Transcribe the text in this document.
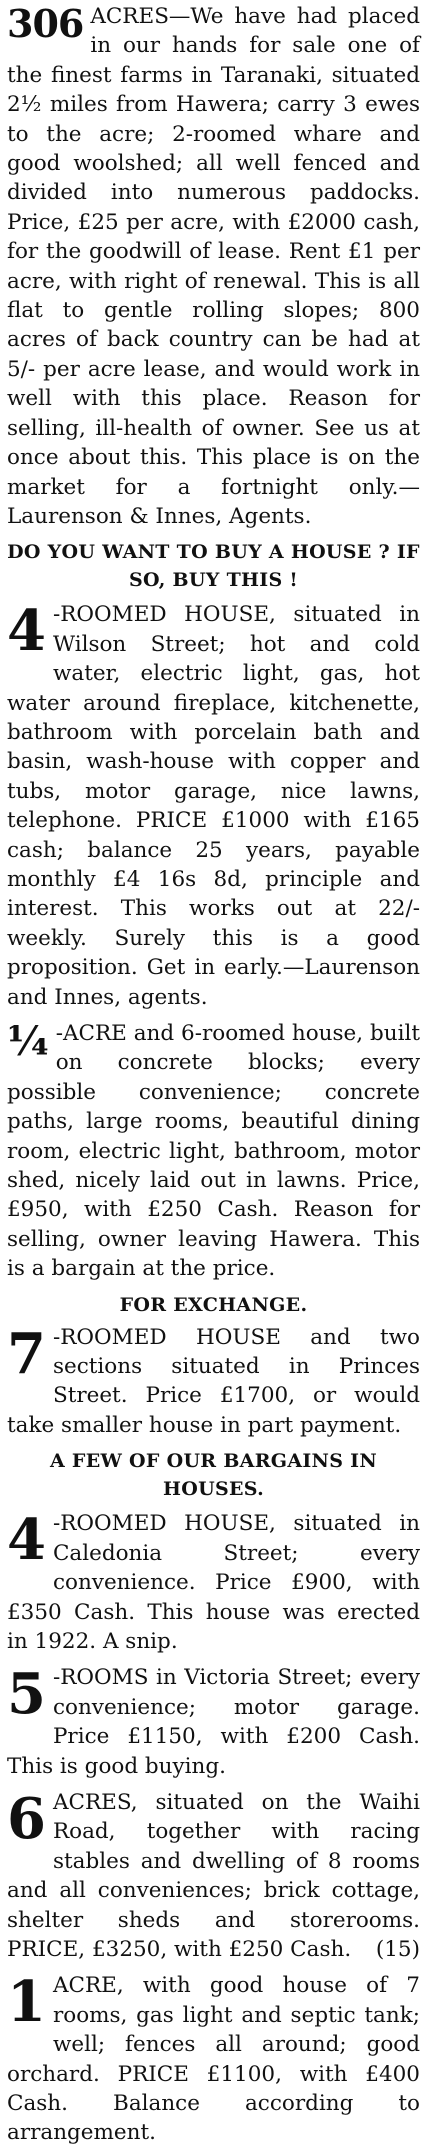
306 ACRES—We have had placed in our hands for sale one of the finest farms in Taranaki, situated 2½ miles from Hawera; carry 3 ewes to the acre; 2-roomed whare and good woolshed; all well fenced and divided into numerous paddocks. Price, £25 per acre, with £2000 cash, for the goodwill of lease. Rent £1 per acre, with right of renewal. This is all flat to gentle rolling slopes; 800 acres of back country can be had at 5/- per acre lease, and would work in well with this place. Reason for selling, ill-health of owner. See us at once about this. This place is on the market for a fortnight only.—Laurenson & Innes, Agents.
DO YOU WANT TO BUY A HOUSE ? IF SO, BUY THIS !
4 -ROOMED HOUSE, situated in Wilson Street; hot and cold water, electric light, gas, hot water around fireplace, kitchenette, bathroom with porcelain bath and basin, wash-house with copper and tubs, motor garage, nice lawns, telephone. PRICE £1000 with £165 cash; balance 25 years, payable monthly £4 16s 8d, principle and interest. This works out at 22/- weekly. Surely this is a good proposition. Get in early.—Laurenson and Innes, agents.
¼ -ACRE and 6-roomed house, built on concrete blocks; every possible convenience; concrete paths, large rooms, beautiful dining room, electric light, bathroom, motor shed, nicely laid out in lawns. Price, £950, with £250 Cash. Reason for selling, owner leaving Hawera. This is a bargain at the price.
FOR EXCHANGE.
7 -ROOMED HOUSE and two sections situated in Princes Street. Price £1700, or would take smaller house in part payment.
A FEW OF OUR BARGAINS IN HOUSES.
4 -ROOMED HOUSE, situated in Caledonia Street; every convenience. Price £900, with £350 Cash. This house was erected in 1922. A snip.
5 -ROOMS in Victoria Street; every convenience; motor garage. Price £1150, with £200 Cash. This is good buying.
6 ACRES, situated on the Waihi Road, together with racing stables and dwelling of 8 rooms and all conveniences; brick cottage, shelter sheds and storerooms. PRICE, £3250, with £250 Cash. (15)
1 ACRE, with good house of 7 rooms, gas light and septic tank; well; fences all around; good orchard. PRICE £1100, with £400 Cash. Balance according to arrangement.
